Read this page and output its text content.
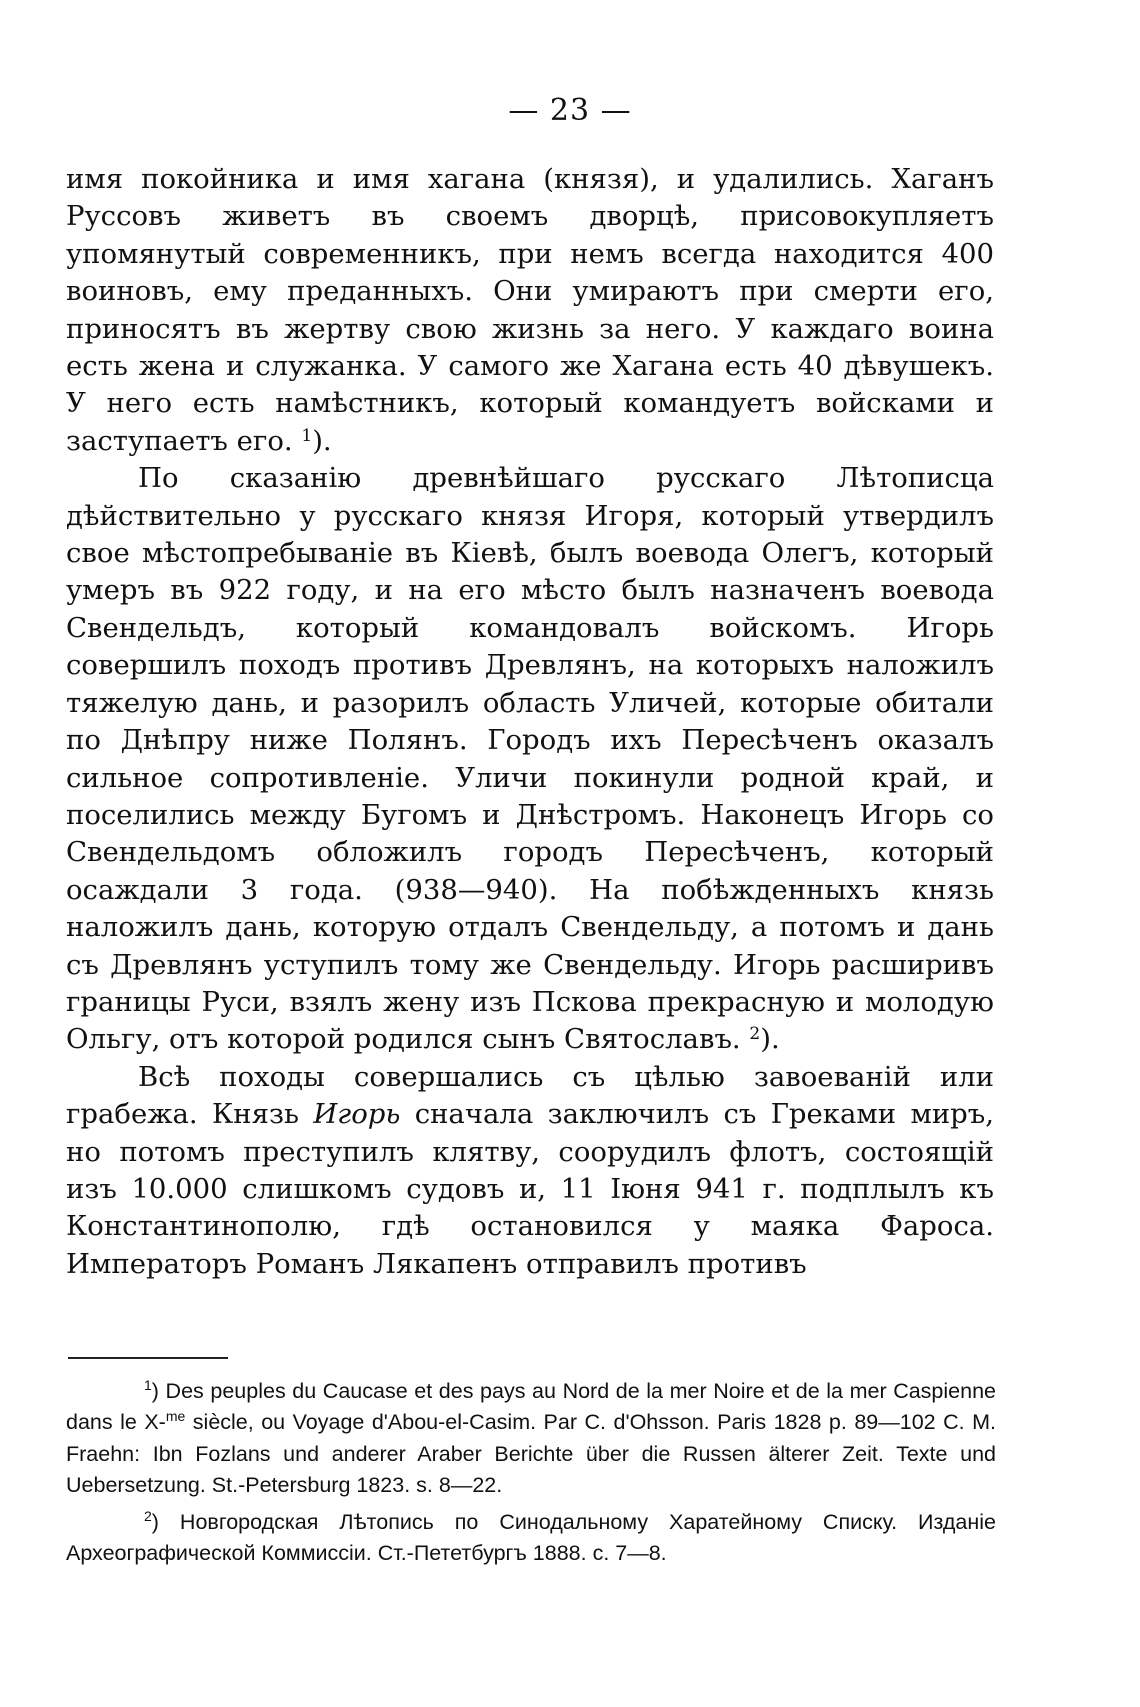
— 23 —

имя покойника и имя хагана (князя), и удалились. Хаганъ Руссовъ живетъ въ своемъ дворцѣ, присовокупляетъ упомянутый современникъ, при немъ всегда находится 400 воиновъ, ему преданныхъ. Они умираютъ при смерти его, приносятъ въ жертву свою жизнь за него. У каждаго воина есть жена и служанка. У самого же Хагана есть 40 дѣвушекъ. У него есть намѣстникъ, который командуетъ войсками и заступаетъ его. $^1$).

По сказанію древнѣйшаго русскаго Лѣтописца дѣйствительно у русскаго князя Игоря, который утвердилъ свое мѣстопребываніе въ Кіевѣ, былъ воевода Олегъ, который умеръ въ 922 году, и на его мѣсто былъ назначенъ воевода Свендельдъ, который командовалъ войскомъ. Игорь совершилъ походъ противъ Древлянъ, на которыхъ наложилъ тяжелую дань, и разорилъ область Уличей, которые обитали по Днѣпру ниже Полянъ. Городъ ихъ Пересѣченъ оказалъ сильное сопротивленіе. Уличи покинули родной край, и поселились между Бугомъ и Днѣстромъ. Наконецъ Игорь со Свендельдомъ обложилъ городъ Пересѣченъ, который осаждали 3 года. (938—940). На побѣжденныхъ князь наложилъ дань, которую отдалъ Свендельду, а потомъ и дань съ Древлянъ уступилъ тому же Свендельду. Игорь расширивъ границы Руси, взялъ жену изъ Пскова прекрасную и молодую Ольгу, отъ которой родился сынъ Святославъ. $^2$).

Всѣ походы совершались съ цѣлью завоеваній или грабежа. Князь Игорь сначала заключилъ съ Греками миръ, но потомъ преступилъ клятву, соорудилъ флотъ, состоящій изъ 10.000 слишкомъ судовъ и, 11 Іюня 941 г. подплылъ къ Константинополю, гдѣ остановился у маяка Фароса. Императоръ Романъ Лякапенъ отправилъ противъ

$^1$) Des peuples du Caucase et des pays au Nord de la mer Noire et de la mer Caspienne dans le X-$^{me}$ siècle, ou Voyage d'Abou-el-Casim. Par C. d'Ohsson. Paris 1828 p. 89—102 C. M. Fraehn: Ibn Fozlans und anderer Araber Berichte über die Russen älterer Zeit. Texte und Uebersetzung. St.-Petersburg 1823. s. 8—22.

$^2$) Новгородская Лѣтопись по Синодальному Харатейному Списку. Изданіе Археографической Коммиссіи. Ст.-Пететбургъ 1888. с. 7—8.
